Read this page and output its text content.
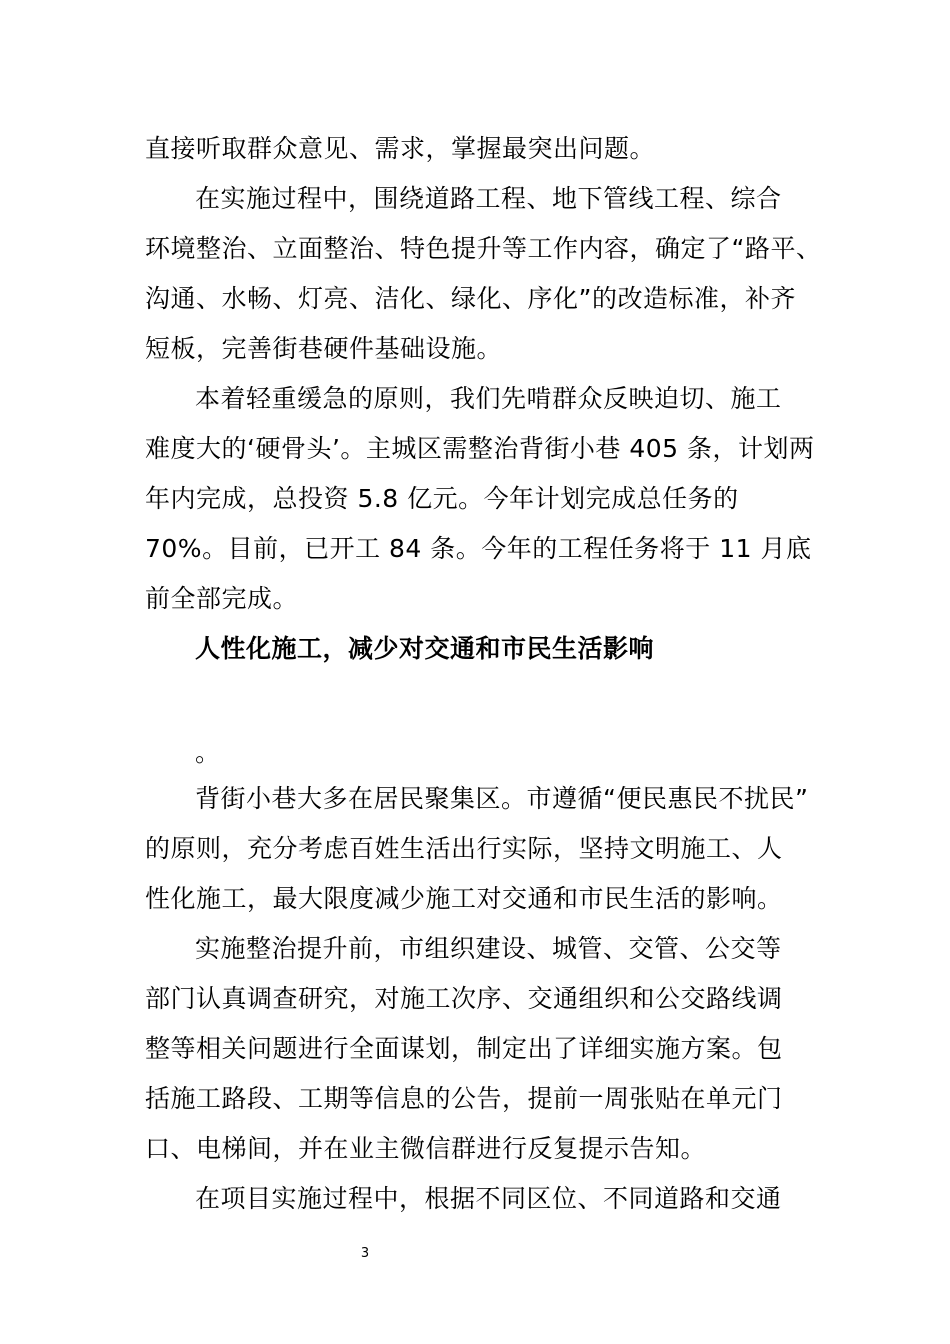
直接听取群众意见、需求，掌握最突出问题。
在实施过程中，围绕道路工程、地下管线工程、综合
环境整治、立面整治、特色提升等工作内容，确定了“路平、
沟通、水畅、灯亮、洁化、绿化、序化”的改造标准，补齐
短板，完善街巷硬件基础设施。
本着轻重缓急的原则，我们先啃群众反映迫切、施工
难度大的‘硬骨头’。主城区需整治背街小巷 405 条，计划两
年内完成，总投资 5.8 亿元。今年计划完成总任务的
70%。目前，已开工 84 条。今年的工程任务将于 11 月底
前全部完成。
人性化施工，减少对交通和市民生活影响
。
背街小巷大多在居民聚集区。市遵循“便民惠民不扰民”
的原则，充分考虑百姓生活出行实际，坚持文明施工、人
性化施工，最大限度减少施工对交通和市民生活的影响。
实施整治提升前，市组织建设、城管、交管、公交等
部门认真调查研究，对施工次序、交通组织和公交路线调
整等相关问题进行全面谋划，制定出了详细实施方案。包
括施工路段、工期等信息的公告，提前一周张贴在单元门
口、电梯间，并在业主微信群进行反复提示告知。
在项目实施过程中，根据不同区位、不同道路和交通
3
